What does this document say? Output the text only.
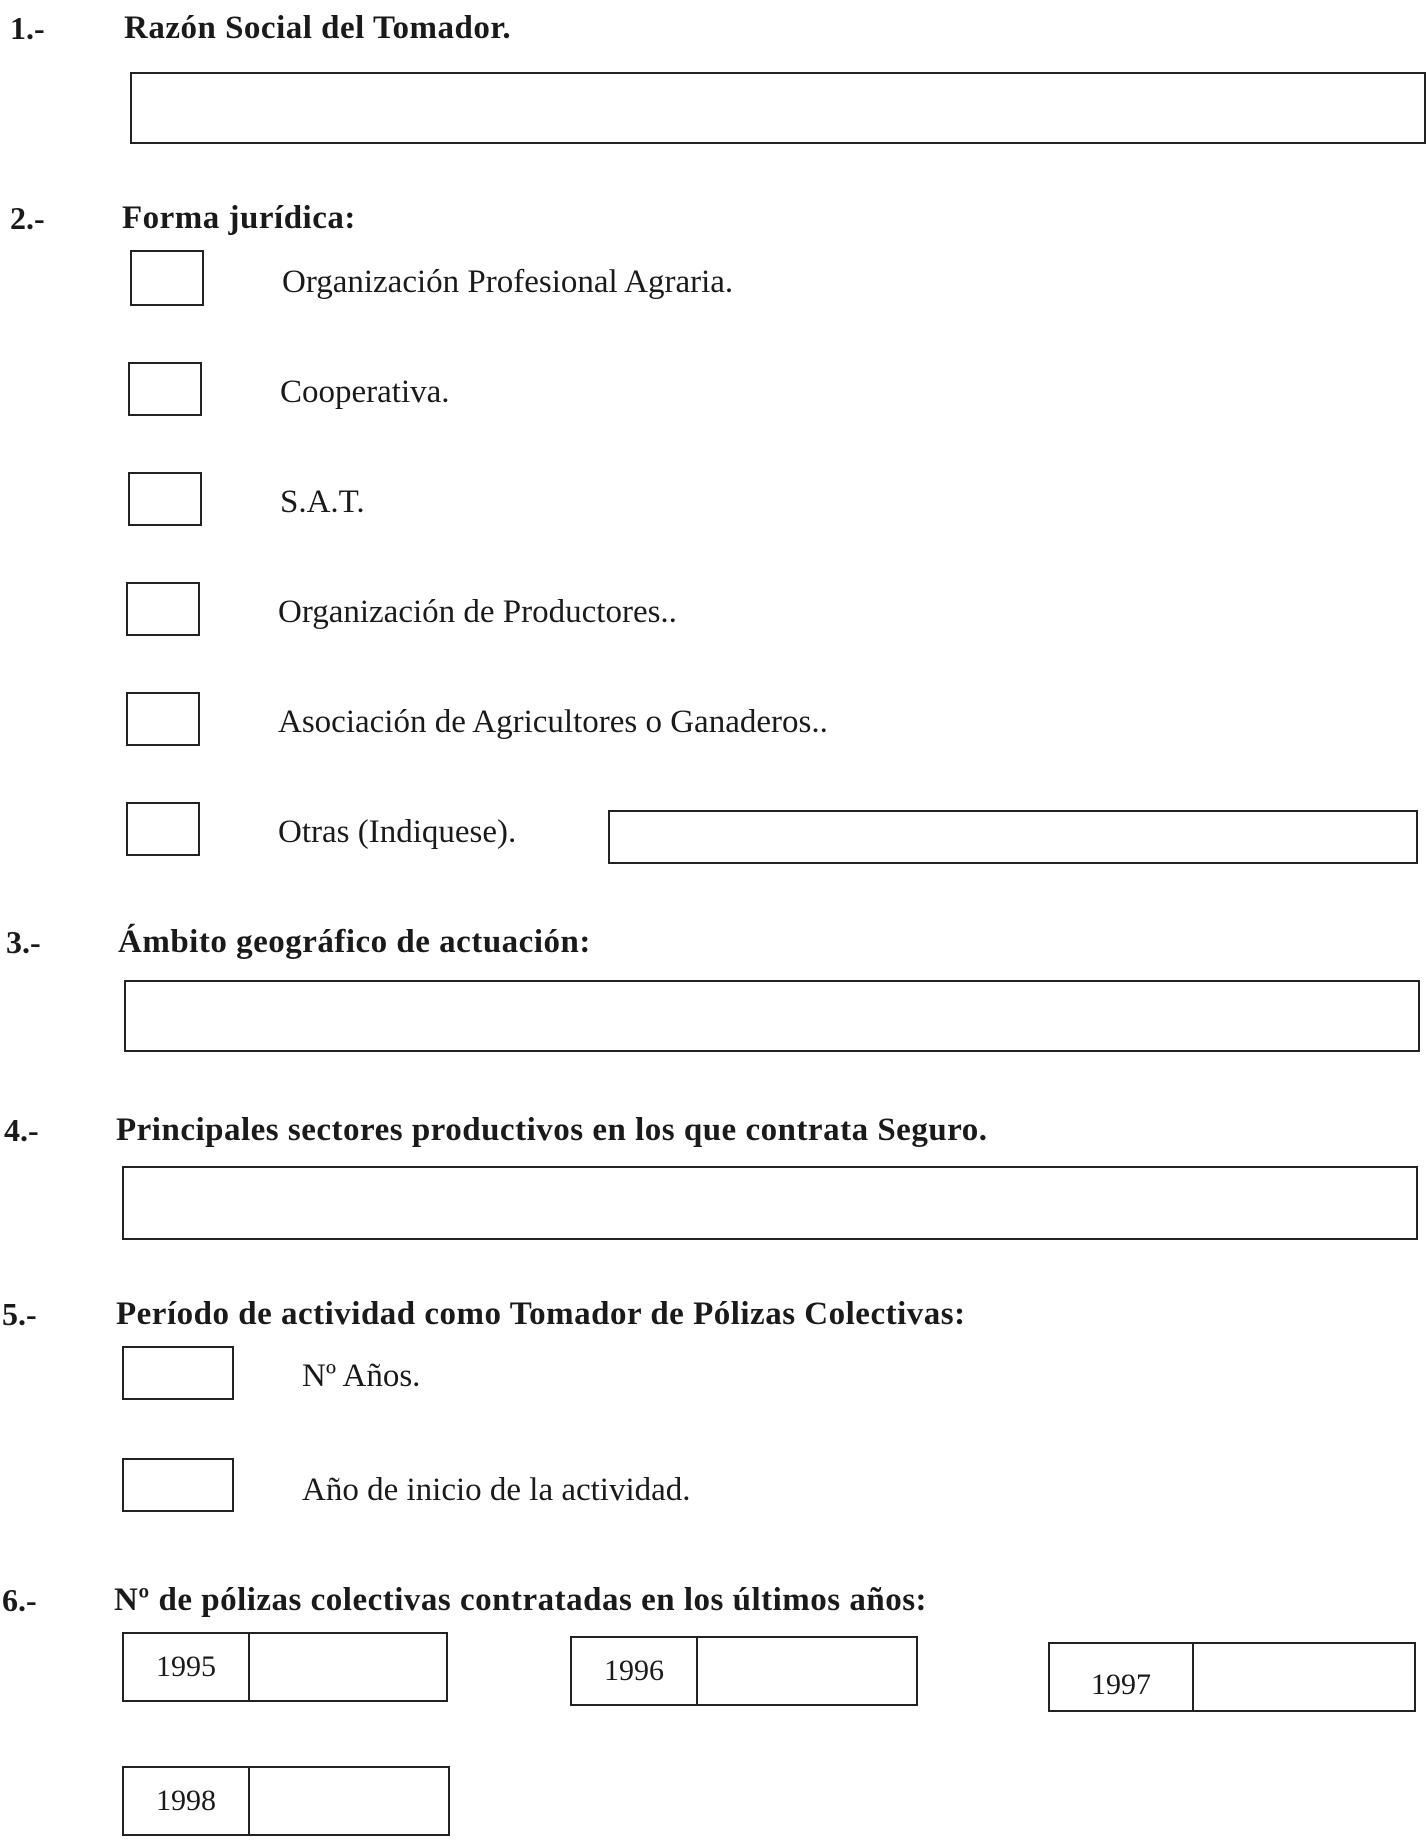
1.- Razón Social del Tomador.
2.- Forma jurídica:
Organización Profesional Agraria.
Cooperativa.
S.A.T.
Organización de Productores..
Asociación de Agricultores o Ganaderos..
Otras (Indiquese).
3.- Ámbito geográfico de actuación:
4.- Principales sectores productivos en los que contrata Seguro.
5.- Período de actividad como Tomador de Pólizas Colectivas:
Nº Años.
Año de inicio de la actividad.
6.- Nº de pólizas colectivas contratadas en los últimos años:
1995	1996	1997
1998
